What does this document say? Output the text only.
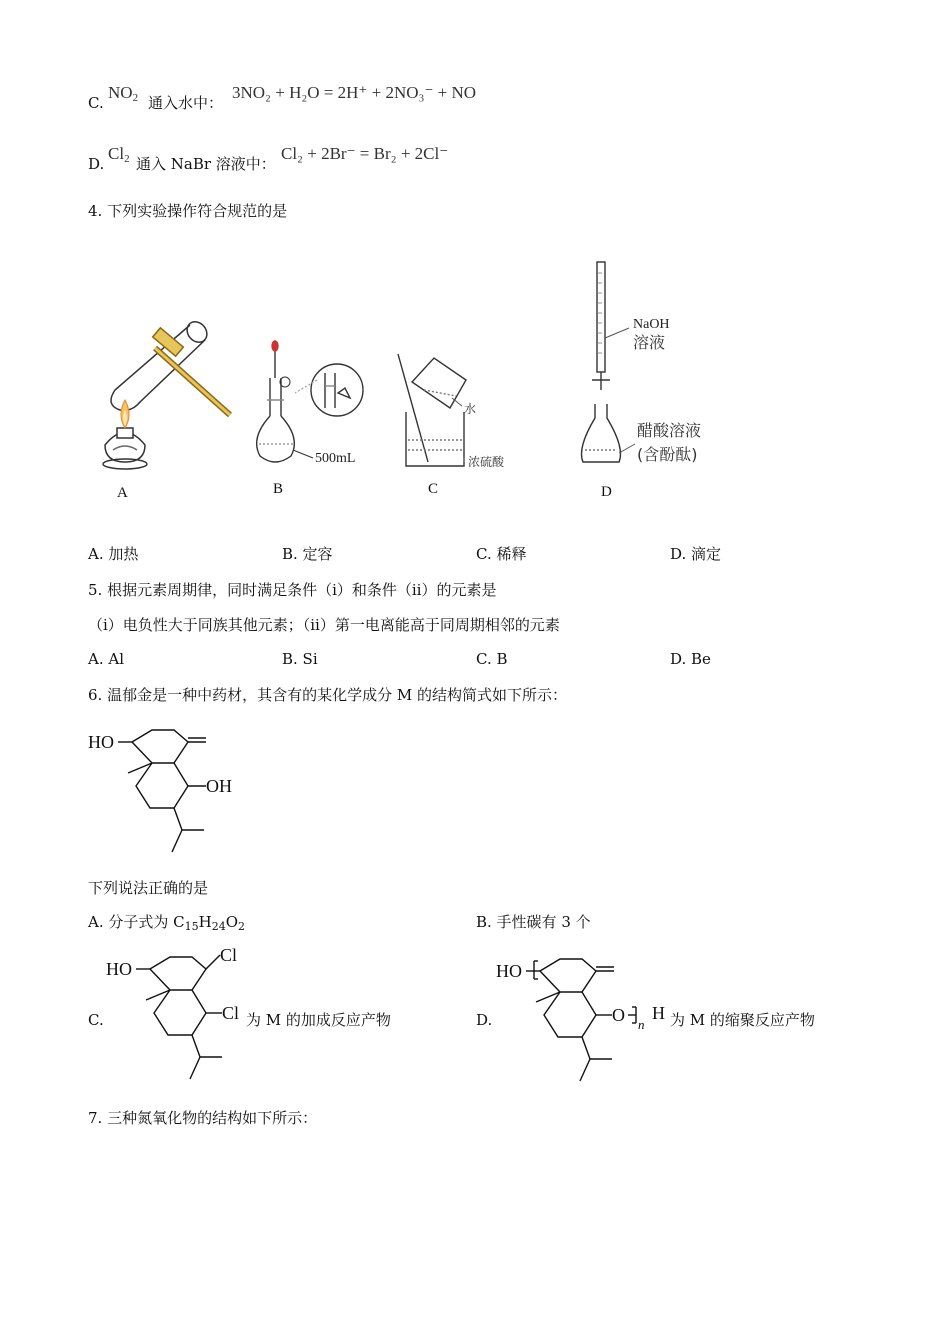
C.
$NO_2$ 通入水中：
3NO₂ + H₂O = 2H⁺ + 2NO₃⁻ + NO
D.
$Cl_2$ 通入 NaBr 溶液中：
Cl₂ + 2Br⁻ = Br₂ + 2Cl⁻
4. 下列实验操作符合规范的是
A
500mL
B
水
浓硫酸
C
NaOH
溶液
醋酸溶液
(含酚酞)
D
A. 加热	B. 定容	C. 稀释	D. 滴定
5. 根据元素周期律，同时满足条件（ⅰ）和条件（ⅱ）的元素是
（ⅰ）电负性大于同族其他元素；（ⅱ）第一电离能高于同周期相邻的元素
A. Al	B. Si	C. B	D. Be
6. 温郁金是一种中药材，其含有的某化学成分 M 的结构简式如下所示：
HO
OH
下列说法正确的是
A. 分子式为 $C_{15}H_{24}O_2$	B. 手性碳有 3 个
C.
HO
Cl
Cl 为 M 的加成反应产物	D.
HO
O n
H 为 M 的缩聚反应产物
7. 三种氮氧化物的结构如下所示：
